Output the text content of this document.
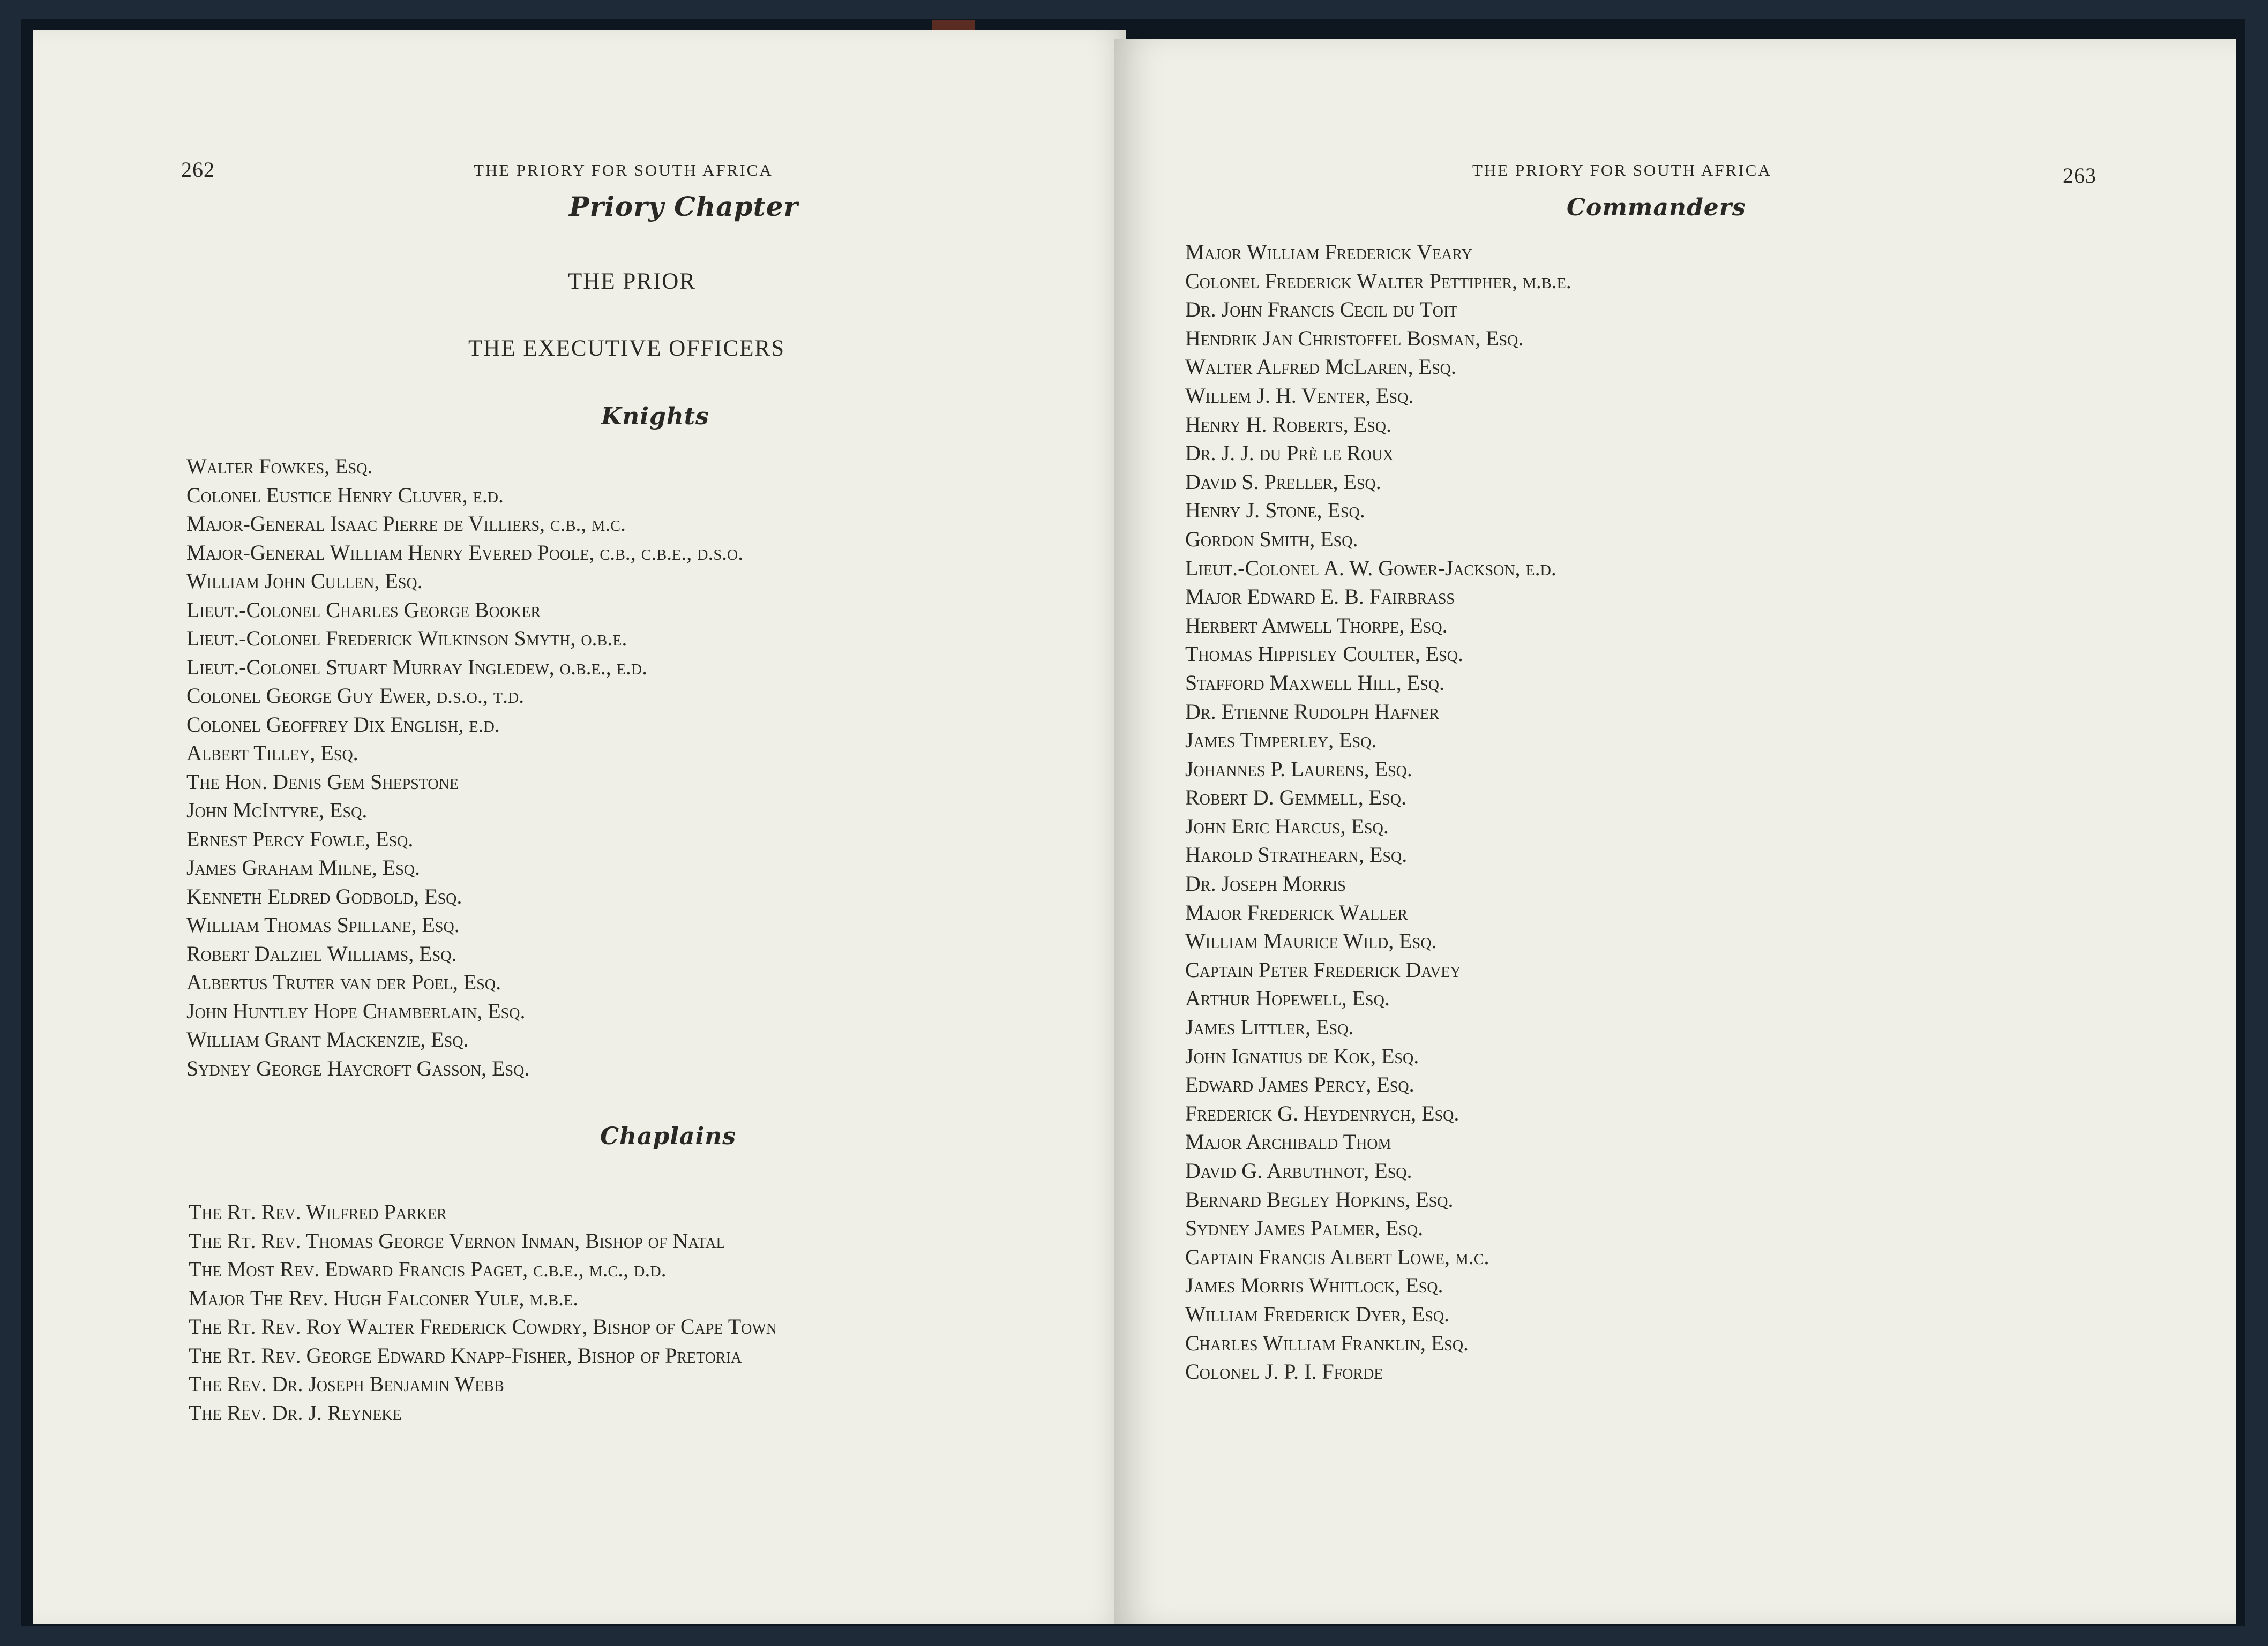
262	THE PRIORY FOR SOUTH AFRICA
Priory Chapter
THE PRIOR
THE EXECUTIVE OFFICERS
Knights
Walter Fowkes, Esq.
Colonel Eustice Henry Cluver, e.d.
Major-General Isaac Pierre de Villiers, c.b., m.c.
Major-General William Henry Evered Poole, c.b., c.b.e., d.s.o.
William John Cullen, Esq.
Lieut.-Colonel Charles George Booker
Lieut.-Colonel Frederick Wilkinson Smyth, o.b.e.
Lieut.-Colonel Stuart Murray Ingledew, o.b.e., e.d.
Colonel George Guy Ewer, d.s.o., t.d.
Colonel Geoffrey Dix English, e.d.
Albert Tilley, Esq.
The Hon. Denis Gem Shepstone
John McIntyre, Esq.
Ernest Percy Fowle, Esq.
James Graham Milne, Esq.
Kenneth Eldred Godbold, Esq.
William Thomas Spillane, Esq.
Robert Dalziel Williams, Esq.
Albertus Truter van der Poel, Esq.
John Huntley Hope Chamberlain, Esq.
William Grant Mackenzie, Esq.
Sydney George Haycroft Gasson, Esq.
Chaplains
The Rt. Rev. Wilfred Parker
The Rt. Rev. Thomas George Vernon Inman, Bishop of Natal
The Most Rev. Edward Francis Paget, c.b.e., m.c., d.d.
Major The Rev. Hugh Falconer Yule, m.b.e.
The Rt. Rev. Roy Walter Frederick Cowdry, Bishop of Cape Town
The Rt. Rev. George Edward Knapp-Fisher, Bishop of Pretoria
The Rev. Dr. Joseph Benjamin Webb
The Rev. Dr. J. Reyneke
THE PRIORY FOR SOUTH AFRICA	263
Commanders
Major William Frederick Veary
Colonel Frederick Walter Pettipher, m.b.e.
Dr. John Francis Cecil du Toit
Hendrik Jan Christoffel Bosman, Esq.
Walter Alfred McLaren, Esq.
Willem J. H. Venter, Esq.
Henry H. Roberts, Esq.
Dr. J. J. du Prè le Roux
David S. Preller, Esq.
Henry J. Stone, Esq.
Gordon Smith, Esq.
Lieut.-Colonel A. W. Gower-Jackson, e.d.
Major Edward E. B. Fairbrass
Herbert Amwell Thorpe, Esq.
Thomas Hippisley Coulter, Esq.
Stafford Maxwell Hill, Esq.
Dr. Etienne Rudolph Hafner
James Timperley, Esq.
Johannes P. Laurens, Esq.
Robert D. Gemmell, Esq.
John Eric Harcus, Esq.
Harold Strathearn, Esq.
Dr. Joseph Morris
Major Frederick Waller
William Maurice Wild, Esq.
Captain Peter Frederick Davey
Arthur Hopewell, Esq.
James Littler, Esq.
John Ignatius de Kok, Esq.
Edward James Percy, Esq.
Frederick G. Heydenrych, Esq.
Major Archibald Thom
David G. Arbuthnot, Esq.
Bernard Begley Hopkins, Esq.
Sydney James Palmer, Esq.
Captain Francis Albert Lowe, m.c.
James Morris Whitlock, Esq.
William Frederick Dyer, Esq.
Charles William Franklin, Esq.
Colonel J. P. I. Fforde
